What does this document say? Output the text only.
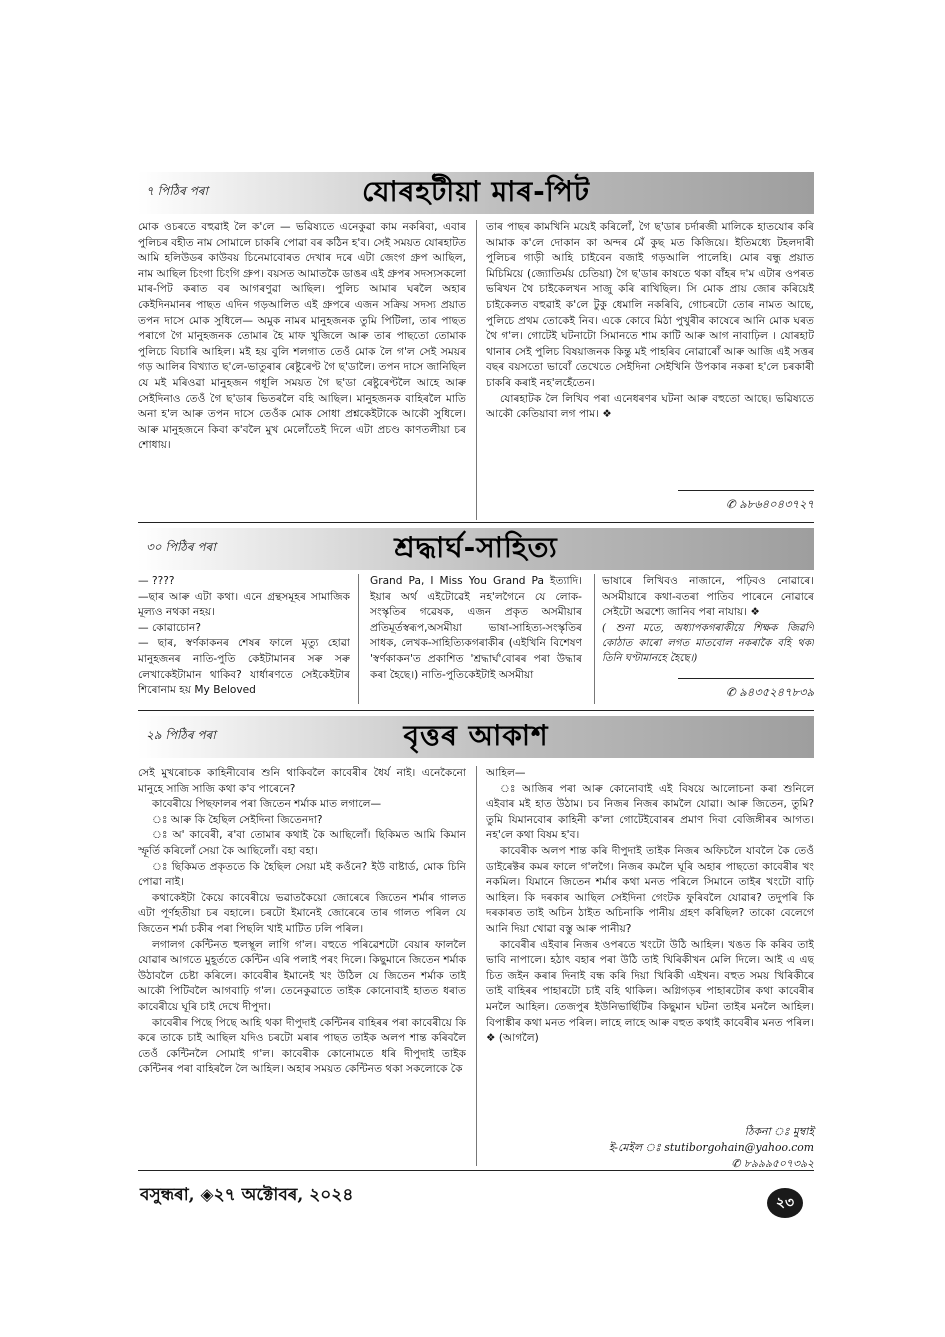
৭ পিঠিৰ পৰা	যোৰহটীয়া মাৰ-পিট

মোক ওচৰতে বহুৱাই লৈ ক'লে — ভৱিষ্যতে এনেকুৱা কাম নকৰিবা, এবাৰ পুলিচৰ বহীত নাম সোমালে চাকৰি পোৱা বৰ কঠিন হ'ব। সেই সময়ত যোৰহাটত আমি হলিউডৰ কাউবয় চিনেমাবোৰত দেখাৰ দৰে এটা জেংগ গ্ৰুপ আছিল, নাম আছিল চিংগা চিংগি গ্ৰুপ। বয়সত আমাতকৈ ডাঙৰ এই গ্ৰুপৰ সদস্যসকলো মাৰ-পিট কৰাত বৰ আগৰণুৱা আছিল। পুলিচ আমাৰ ঘৰলৈ অহাৰ কেইদিনমানৰ পাছত এদিন গড়আলিত এই গ্ৰুপৰে এজন সক্ৰিয় সদস্য প্ৰয়াত তপন দাসে মোক সুধিলে— অমুক নামৰ মানুহজনক তুমি পিটিলা, তাৰ পাছত পৰাগে গৈ মানুহজনক তোমাৰ হৈ মাফ খুজিলে আৰু তাৰ পাছতো তোমাক পুলিচে বিচাৰি আহিল। মই হয় বুলি শলগাত তেওঁ মোক লৈ গ'ল সেই সময়ৰ গড় আলিৰ বিখ্যাত ছ'লে-ভাতুৰাৰ ৰেষ্টুৰেণ্ট গৈ ছ'ডালৈ। তপন দাসে জানিছিল যে মই মৰিওৱা মানুহজন গধূলি সময়ত গৈ ছ'ডা ৰেষ্টুৰেণ্টলৈ আহে আৰু সেইদিনাও তেওঁ গৈ ছ'ডাৰ ভিতৰলৈ বহি আছিল। মানুহজনক বাহিৰলৈ মাতি অনা হ'ল আৰু তপন দাসে তেওঁক মোক সোধা প্ৰশ্নকেইটাকে আকৌ সুধিলে। আৰু মানুহজনে কিবা ক'বলৈ মুখ মেলোঁতেই দিলে এটা প্ৰচণ্ড কাণতলীয়া চৰ শোধায়।

তাৰ পাছৰ কামখিনি ময়েই কৰিলোঁ, গৈ ছ'ডাৰ চৰ্দাৰজী মালিকে হাতযোৰ কৰি আমাক ক'লে দোকান কা অন্দৰ মেঁ কুছ মত কিজিয়ে। ইতিমধ্যে টহলদাৰী পুলিচৰ গাড়ী আহি চাইবেন বজাই গড়আলি পালেহি। মোৰ বন্ধু প্ৰয়াত মিচিমিয়ে (জ্যোতিৰ্ময় চেতিয়া) গৈ ছ'ডাৰ কাষতে থকা বাঁহৰ দ'ম এটাৰ ওপৰত ভৰিখন থৈ চাইকেলখন সাজু কৰি ৰাখিছিল। সি মোক প্ৰায় জোৰ কৰিয়েই চাইকেলত বহুৱাই ক'লে টুকু ধেমালি নকৰিবি, গোচৰটো তোৰ নামত আছে, পুলিচে প্ৰথম তোকেই নিব। একে কোবে মিঠা পুখুৰীৰ কাষেৰে আনি মোক ঘৰত থৈ গ'ল। গোটেই ঘটনাটো সিমানতে শাম কাটি আৰু আগ নাবাঢ়িল । যোৰহাট থানাৰ সেই পুলিচ বিষয়াজনক কিন্তু মই পাহৰিব নোৱাৰোঁ আৰু আজি এই সত্তৰ বছৰ বয়সতো ভাবোঁ তেখেতে সেইদিনা সেইখিনি উপকাৰ নকৰা হ'লে চৰকাৰী চাকৰি কৰাই নহ'লহেঁতেন।

যোৰহাটক লৈ লিখিব পৰা এনেধৰণৰ ঘটনা আৰু বহুতো আছে। ভৱিষ্যতে আকৌ কেতিয়াবা লগ পাম। ❖

✆ ৯৮৬৪০৪৩৭২৭
৩০ পিঠিৰ পৰা	শ্ৰদ্ধাৰ্ঘ-সাহিত্য

— ????

—ছাৰ আৰু এটা কথা। এনে গ্ৰন্থসমূহৰ সামাজিক মূল্যও নথকা নহয়।

— কোৱাচোন?

— ছাৰ, স্বৰ্ণকাকনৰ শেষৰ ফালে মৃত্যু হোৱা মানুহজনৰ নাতি-পুতি কেইটামানৰ সৰু সৰু লেখাকেইটামান থাকিব? যাৰ্ধাৰণতে সেইকেইটাৰ শিৰোনাম হয় My Beloved

Grand Pa, I Miss You Grand Pa ইত্যাদি। ইয়াৰ অৰ্থ এইটোৱেই নহ'লগৈনে যে লোক-সংস্কৃতিৰ গৱেষক, এজন প্ৰকৃত অসমীয়াৰ প্ৰতিমূৰ্তস্বৰূপ,অসমীয়া ভাষা-সাহিত্য-সংস্কৃতিৰ সাধক, লেখক-সাহিত্যিকগৰাকীৰ (এইখিনি বিশেষণ 'স্বৰ্ণকাকন'ত প্ৰকাশিত 'শ্ৰদ্ধাৰ্ঘ'বোৰৰ পৰা উদ্ধাৰ কৰা হৈছে।) নাতি-পুতিকেইটাই অসমীয়া

ভাষাৰে লিখিবও নাজানে, পঢ়িবও নোৱাৰে। অসমীয়াৰে কথা-বতৰা পাতিব পাৰেনে নোৱাৰে সেইটো অৱশ্যে জানিব পৰা নাযায়। ❖

( শুনা মতে, অধ্যাপকগৰাকীয়ে শিক্ষক জিৱণি কোঠাত কাৰো লগত মাতবোল নকৰাকৈ বহি থকা তিনি ঘণ্টামানহে হৈছে।)

✆ ৯৪৩৫২৪৭৮৩৯
২৯ পিঠিৰ পৰা	বৃত্তৰ আকাশ

সেই মুখৰোচক কাহিনীবোৰ শুনি থাকিবলৈ কাবেৰীৰ ধৈৰ্য নাই। এনেকৈনো মানুহে সাজি সাজি কথা ক'ব পাৰেনে?

কাবেৰীয়ে পিছফালৰ পৰা জিতেন শৰ্মাক মাত লগালে—

ঃ আৰু কি হৈছিল সেইদিনা জিতেনদা?

ঃ অ' কাবেৰী, ৰ'বা তোমাৰ কথাই কৈ আছিলোঁ। ছিকিমত আমি কিমান স্ফূৰ্তি কৰিলোঁ সেয়া কৈ আছিলোঁ। বহা বহা।

ঃ ছিকিমত প্ৰকৃততে কি হৈছিল সেয়া মই কওঁনে? ইউ বাষ্টাৰ্ড, মোক চিনি পোৱা নাই।

কথাকেইটা কৈয়ে কাবেৰীয়ে ভৱাতকৈয়ো জোৰেৰে জিতেন শৰ্মাৰ গালত এটা পূৰ্ণহতীয়া চৰ বহালে। চৰটো ইমানেই জোৰেৰে তাৰ গালত পৰিল যে জিতেন শৰ্মা চকীৰ পৰা পিছলি খাই মাটিত ঢলি পৰিল।

লগালগ কেন্টিনত হুলস্থূল লাগি গ'ল। বহুতে পৰিৱেশটো বেয়াৰ ফাললৈ যোৱাৰ আগতে মুহূৰ্ততে কেন্টিন এৰি পলাই পৰং দিলে। কিছুমানে জিতেন শৰ্মাক উঠাবলৈ চেষ্টা কৰিলে। কাবেৰীৰ ইমানেই খং উঠিল যে জিতেন শৰ্মাক তাই আকৌ পিটিবলৈ আগবাঢ়ি গ'ল। তেনেকুৱাতে তাইক কোনোবাই হাতত ধৰাত কাবেৰীয়ে ঘূৰি চাই দেখে দীপুদা।

কাবেৰীৰ পিছে পিছে আহি থকা দীপুদাই কেন্টিনৰ বাহিৰৰ পৰা কাবেৰীয়ে কি কৰে তাকে চাই আছিল যদিও চৰটো মৰাৰ পাছত তাইক অলপ শান্ত কৰিবলৈ তেওঁ কেন্টিনলৈ সোমাই গ'ল। কাবেৰীক কোনোমতে ধৰি দীপুদাই তাইক কেন্টিনৰ পৰা বাহিৰলৈ লৈ আহিল। অহাৰ সময়ত কেন্টিনত থকা সকলোকে কৈ

আহিল—

ঃ আজিৰ পৰা আৰু কোনোবাই এই বিষয়ে আলোচনা কৰা শুনিলে এইবাৰ মই হাত উঠাম। চব নিজৰ নিজৰ কামলৈ যোৱা। আৰু জিতেন, তুমি? তুমি যিমানবোৰ কাহিনী ক'লা গোটেইবোৰৰ প্ৰমাণ দিবা বেজিঙ্গীৰৰ আগত। নহ'লে কথা বিষম হ'ব।

কাবেৰীক অলপ শান্ত কৰি দীপুদাই তাইক নিজৰ অফিচলৈ যাবলৈ কৈ তেওঁ ডাইৰেক্টৰ কমৰ ফালে গ'লগৈ। নিজৰ কমলৈ ঘূৰি অহাৰ পাছতো কাবেৰীৰ খং নকমিল। যিমানে জিতেন শৰ্মাৰ কথা মনত পৰিলে সিমানে তাইৰ খংটো বাঢ়ি আহিল। কি দৰকাৰ আছিল সেইদিনা গেংটক ফুৰিবলৈ যোৱাৰ? তদুপৰি কি দৰকাৰত তাই অচিন ঠাইত অচিনাকি পানীয় গ্ৰহণ কৰিছিল? তাকো বেলেগে আনি দিয়া খোৱা বস্তু আৰু পানীয়?

কাবেৰীৰ এইবাৰ নিজৰ ওপৰতে খংটো উঠি আহিল। খঙত কি কৰিব তাই ভাবি নাপালে। হঠাৎ বহাৰ পৰা উঠি তাই খিৰিকীখন মেলি দিলে। আই এ এছ চিত জইন কৰাৰ দিনাই বন্ধ কৰি দিয়া খিৰিকী এইখন। বহুত সময় খিৰিকীৰে তাই বাহিৰৰ পাহাৰটো চাই বহি থাকিল। অগ্নিগড়ৰ পাহাৰটোৰ কথা কাবেৰীৰ মনলৈ আহিল। তেজপুৰ ইউনিভাৰ্ছিটিৰ কিছুমান ঘটনা তাইৰ মনলৈ আহিল। বিপাঙ্কীৰ কথা মনত পৰিল। লাহে লাহে আৰু বহুত কথাই কাবেৰীৰ মনত পৰিল। ❖ (আগলৈ)

ঠিকনা ঃ মুম্বাই
ই-মেইল ঃ stutiborgohain@yahoo.com
✆ ৮৯৯৯৫০৭৩৯২
বসুন্ধৰা, ◈২৭ অক্টোবৰ, ২০২৪	২৩
